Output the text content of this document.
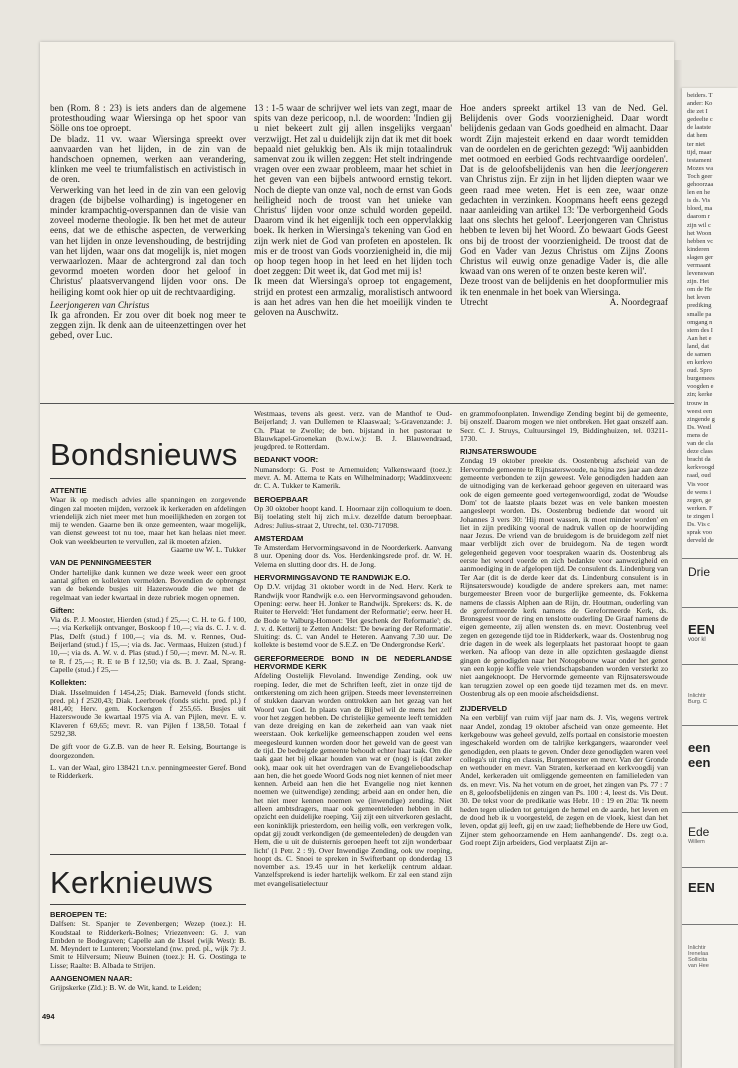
ben (Rom. 8 : 23) is iets anders dan de algemene protesthouding waar Wiersinga op het spoor van Sölle ons toe oproept.

De bladz. 11 vv. waar Wiersinga spreekt over aanvaarden van het lijden, in de zin van de handschoen opnemen, werken aan verandering, klinken me veel te triumfalistisch en activistisch in de oren.

Verwerking van het leed in de zin van een gelovig dragen (de bijbelse volharding) is ingetogener en minder krampachtig-overspannen dan de visie van zoveel moderne theologie. Ik ben het met de auteur eens, dat we de ethische aspecten, de verwerking van het lijden in onze levenshouding, de bestrijding van het lijden, waar ons dat mogelijk is, niet mogen verwaarlozen. Maar de achtergrond zal dan toch gevormd moeten worden door het geloof in Christus' plaatsvervangend lijden voor ons. De heiliging komt ook hier op uit de rechtvaardiging.

Leerjongeren van Christus

Ik ga afronden. Er zou over dit boek nog meer te zeggen zijn. Ik denk aan de uiteenzettingen over het gebed, over Luc.

13 : 1-5 waar de schrijver wel iets van zegt, maar de spits van deze pericoop, n.l. de woorden: 'Indien gij u niet bekeert zult gij allen insgelijks vergaan' verzwijgt. Het zal u duidelijk zijn dat ik met dit boek bepaald niet gelukkig ben. Als ik mijn totaalindruk samenvat zou ik willen zeggen: Het stelt indringende vragen over een zwaar probleem, maar het schiet in het geven van een bijbels antwoord ernstig tekort. Noch de diepte van onze val, noch de ernst van Gods heiligheid noch de troost van het unieke van Christus' lijden voor onze schuld worden gepeild. Daarom vind ik het eigenlijk toch een oppervlakkig boek. Ik herken in Wiersinga's tekening van God en zijn werk niet de God van profeten en apostelen. Ik mis er de troost van Gods voorzienigheid in, die mij op hoop tegen hoop in het leed en het lijden toch doet zeggen: Dit weet ik, dat God met mij is!

Ik meen dat Wiersinga's oproep tot engagement, strijd en protest een armzalig, moralistisch antwoord is aan het adres van hen die het moeilijk vinden te geloven na Auschwitz.

Hoe anders spreekt artikel 13 van de Ned. Gel. Belijdenis over Gods voorzienigheid. Daar wordt belijdenis gedaan van Gods goedheid en almacht. Daar wordt Zijn majesteit erkend en daar wordt temidden van de oordelen en de gerichten gezegd: 'Wij aanbidden met ootmoed en eerbied Gods rechtvaardige oordelen'. Dat is de geloofsbelijdenis van hen die leerjongeren van Christus zijn. Er zijn in het lijden diepten waar we geen raad mee weten. Het is een zee, waar onze gedachten in verzinken. Koopmans heeft eens gezegd naar aanleiding van artikel 13: 'De verborgenheid Gods laat ons slechts het geloof'. Leerjongeren van Christus hebben te leven bij het Woord. Zo bewaart Gods Geest ons bij de troost der voorzienigheid. De troost dat de God en Vader van Jezus Christus om Zijns Zoons Christus wil euwig onze genadige Vader is, die alle kwaad van ons weren of te onzen beste keren wil'.

Deze troost van de belijdenis en het doopformulier mis ik ten enenmale in het boek van Wiersinga.

Utrecht	A. Noordegraaf
Bondsnieuws
ATTENTIE

Waar ik op medisch advies alle spanningen en zorgevende dingen zal moeten mijden, verzoek ik kerkeraden en afdelingen vriendelijk zich niet meer met hun moeilijkheden en zorgen tot mij te wenden. Gaarne ben ik onze gemeenten, waar mogelijk, van dienst geweest tot nu toe, maar het kan helaas niet meer. Ook van weekbeurten te vervullen, zal ik moeten afzien.

Gaarne uw W. L. Tukker

VAN DE PENNINGMEESTER

Onder hartelijke dank kunnen we deze week weer een groot aantal giften en kollekten vermelden. Bovendien de opbrengst van de bekende busjes uit Hazerswoude die we met de regelmaat van ieder kwartaal in deze rubriek mogen opnemen.

Giften:

Via ds. P. J. Mooster, Hierden (stud.) f 25,—; C. H. te G. f 100,—; via Kerkelijk ontvanger, Boskoop f 10,—; via ds. C. J. v. d. Plas, Delft (stud.) f 100,—; via ds. M. v. Rennes, Oud-Beijerland (stud.) f 15,—; via ds. Jac. Vermaas, Huizen (stud.) f 10,—; via ds. A. W. v. d. Plas (stud.) f 50,—; mevr. M. N.-v. R. te R. f 25,—; R. E te B f 12,50; via ds. B. J. Zaal, Sprang-Capelle (stud.) f 25,—

Kollekten:

Diak. IJsselmuiden f 1454,25; Diak. Barneveld (fonds sticht. pred. pl.) f 2520,43; Diak. Leerbroek (fonds sticht. pred. pl.) f 481,40; Herv. gem. Kockengen f 255,65. Busjes uit Hazerswoude 3e kwartaal 1975 via A. van Pijlen, mevr. E. v. Klaveren f 69,65; mevr. R. van Pijlen f 138,50. Totaal f 5292,38.

De gift voor de G.Z.B. van de heer R. Eelsing, Bourtange is doorgezonden.

L. van der Waal, giro 138421 t.n.v. penningmeester Geref. Bond te Ridderkerk.

Kerknieuws
BEROEPEN TE:

Dalfsen: St. Spanjer te Zevenbergen; Wezep (toez.): H. Koudstaal te Ridderkerk-Bolnes; Vriezenveen: G. J. van Embden te Bodegraven; Capelle aan de IJssel (wijk West): B. M. Meyndert te Lunteren; Voorsteland (nw. pred. pl., wijk 7): J. Smit te Hilversum; Nieuw Buinen (toez.): H. G. Oostinga te Lisse; Raalte: B. Albada te Strijen.

AANGENOMEN NAAR:

Grijpskerke (Zld.): B. W. de Wit, kand. te Leiden;

494

Westmaas, tevens als geest. verz. van de Manthof te Oud-Beijerland; J. van Dullemen te Klaaswaal; 's-Gravenzande: J. Ch. Plaat te Zwolle; de ben. bijstand in het pastoraat te Blauwkapel-Groenekan (b.w.i.w.): B. J. Blauwendraad, jeugdpred. te Rotterdam.

BEDANKT VOOR:

Numansdorp: G. Post te Arnemuiden; Valkenswaard (toez.): mevr. A. M. Attema te Kats en Wilhelminadorp; Waddinxveen: dr. C. A. Tukker te Kamerik.

BEROEPBAAR

Op 30 oktober hoopt kand. I. Hoornaar zijn colloquium te doen. Bij toelating stelt hij zich m.i.v. dezelfde datum beroepbaar. Adres: Julius-straat 2, Utrecht, tel. 030-717098.

AMSTERDAM

Te Amsterdam Hervormingsavond in de Noorderkerk. Aanvang 8 uur. Opening door ds. Vos. Herdenkingsrede prof. dr. W. H. Velema en slutting door drs. H. de Jong.

HERVORMINGSAVOND TE RANDWIJK E.O.

Op D.V. vrijdag 31 oktober wordt in de Ned. Herv. Kerk te Randwijk voor Randwijk e.o. een Hervormingsavond gehouden. Opening: eerw. heer H. Jonker te Randwijk. Sprekers: ds. K. de Ruiter te Herveld: 'Het fundament der Reformatie'; eerw. heer H. de Bode te Valburg-Homoet: 'Het geschenk der Reformatie'; ds. J. v. d. Ketterij te Zetten Andelst: 'De bewaring der Reformatie'. Sluiting: ds. C. van Andel te Heteren. Aanvang 7.30 uur. De kollekte is bestemd voor de S.E.Z. en 'De Ondergrondse Kerk'.

GEREFORMEERDE BOND IN DE NEDERLANDSE HERVORMDE KERK

Afdeling Oostelijk Flevoland. Inwendige Zending, ook uw roeping. Ieder, die met de Schriften leeft, ziet in onze tijd de ontkerstening om zich heen grijpen. Steeds meer levensterreinen of stukken daarvan worden onttrokken aan het gezag van het Woord van God. In plaats van de Bijbel wil de mens het zelf voor het zeggen hebben. De christelijke gemeente leeft temidden van deze dreiging en kan de zekerheid aan van vaak niet weerstaan. Ook kerkelijke gemeenschappen zouden wel eens meegesleurd kunnen worden door het geweld van de geest van de tijd. De bedreigde gemeente behoudt echter haar taak. Om die taak gaat het bij elkaar houden van wat er (nog) is (dat zeker ook), maar ook uit het overdragen van de Evangelieboodschap aan hen, die het goede Woord Gods nog niet kennen of niet meer kennen. Arbeid aan hen die het Evangelie nog niet kennen noemen we (uitwendige) zending; arbeid aan en onder hen, die het niet meer kennen noemen we (inwendige) zending. Niet alleen ambtsdragers, maar ook gemeenteleden hebben in dit opzicht een duidelijke roeping. 'Gij zijt een uitverkoren geslacht, een koninklijk priesterdom, een heilig volk, een verkregen volk, opdat gij zoudt verkondigen (de gemeenteleden) de deugden van Hem, die u uit de duisternis geroepen heeft tot zijn wonderbaar licht' (1 Petr. 2 : 9). Over Inwendige Zending, ook uw roeping, hoopt ds. C. Snoei te spreken in Swifterbant op donderdag 13 november a.s. 19.45 uur in het kerkelijk centrum aldaar. Vanzelfsprekend is ieder hartelijk welkom. Er zal een stand zijn met evangelisatielectuur

en grammofoonplaten. Inwendige Zending begint bij de gemeente, bij onszelf. Daarom mogen we niet ontbreken. Het gaat onszelf aan. Secr. C. J. Struys, Cultuursingel 19, Biddinghuizen, tel. 03211-1730.

RIJNSATERSWOUDE

Zondag 19 oktober preekte ds. Oostenbrug afscheid van de Hervormde gemeente te Rijnsaterswoude, na bijna zes jaar aan deze gemeente verbonden te zijn geweest. Vele genodigden hadden aan de uitnodiging van de kerkeraad gehoor gegeven en uiteraard was ook de eigen gemeente goed vertegenwoordigd, zodat de 'Woudse Dom' tot de laatste plaats bezet was en vele banken moesten aangesleept worden. Ds. Oostenbrug bediende dat woord uit Johannes 3 vers 30: 'Hij moet wassen, ik moet minder worden' en liet in zijn prediking vooral de nadruk vallen op de hoorwijding naar Jezus. De vriend van de bruidegom is de bruidegom zelf niet maar verblijdt zich over de bruidegom. Na de tegen wordt gelegenheid gegeven voor toespraken waarin ds. Oostenbrug als eerste het woord voerde en zich bedankte voor aanwezigheid en aanmoediging in de afgelopen tijd. De consulent ds. Lindenburg van Ter Aar (dit is de derde keer dat ds. Lindenburg consulent is in Rijnsaterswoude) koudigde de andere sprekers aan, met name: burgemeester Breen voor de burgerlijke gemeente, ds. Fokkema namens de classis Alphen aan de Rijn, dr. Houtman, ouderling van de gereformeerde kerk namens de Gereformeerde Kerk, ds. Bronsgeest voor de ring en tenslotte ouderling De Graaf namens de eigen gemeente, zij allen wensten ds. en mevr. Oostenbrug veel zegen en gezegende tijd toe in Ridderkerk, waar ds. Oostenbrug nog drie dagen in de week als legerplaats het pastoraat hoopt te gaan werken. Na afloop van deze in alle opzichten geslaagde dienst gingen de genodigden naar het Notogebouw waar onder het genot van een kopje koffie vele vriendschapsbanden worden versterkt zo niet aangeknoopt. De Hervormde gemeente van Rijnsaterswoude kan terugzien zowel op een goede tijd tezamen met ds. en mevr. Oostenbrug als op een mooie afscheidsdienst.

ZIJDERVELD

Na een verblijf van ruim vijf jaar nam ds. J. Vis, wegens vertrek naar Andel, zondag 19 oktober afscheid van onze gemeente. Het kerkgebouw was geheel gevuld, zelfs portaal en consistorie moesten ingeschakeld worden om de talrijke kerkgangers, waaronder veel genodigden, een plaats te geven. Onder deze genodigden waren veel collega's uit ring en classis, Burgemeester en mevr. Van der Gronde en wethouder en mevr. Van Straten, kerkeraad en kerkvoogdij van Andel, kerkeraden uit omliggende gemeenten en familieleden van ds. en mevr. Vis. Na het votum en de groet, het zingen van Ps. 77 : 7 en 8, geloofsbelijdenis en zingen van Ps. 100 : 4, leest ds. Vis Deut. 30. De tekst voor de predikatie was Hebr. 10 : 19 en 20a: 'Ik neem heden tegen ulieden tot getuigen de hemel en de aarde, het leven en de dood heb ik u voorgesteld, de zegen en de vloek, kiest dan het leven, opdat gij leeft, gij en uw zaad; liefhebbende de Here uw God, Zijner stem gehoorzamende en Hem aanhangende'. Ds. zegt o.a. God roept Zijn arbeiders, God verplaatst Zijn ar-

beiders. T
ander: Ko
die zet I
gedeelte c
de laatste
dat hem
ter niet
tijd, maar
testament
Mozes wa
Toch geer
gehoorzaa
len en he
is ds. Vis
bloed, ma
daarom r
zijn wil c
het Woon
hebben vc
kinderen
slagen ger
vermaant
levenswan
zijn. Het
om de He
het leven
prediking
smalle pa
omgang n
stem des I
Aan het e
land, dat
de samen
en kerkvo
oud. Spro
burgemees
voogden e
zin; kerke
trouw in
weest een
zingende g
Ds. Westl
mens de
van de cla
deze class
bracht da
kerkvoogd
raad, oud
Vis voor
de wens i
zegen, ge
werken. F
te zingen l
Ds. Vis c
sprak voo
derveld de
Drie
EEN
voor kl
Inlichtir
Burg. C
een
een
Ede
Willem
EEN
Inlichtir
Irenelaa
Sollicita
van Hee
